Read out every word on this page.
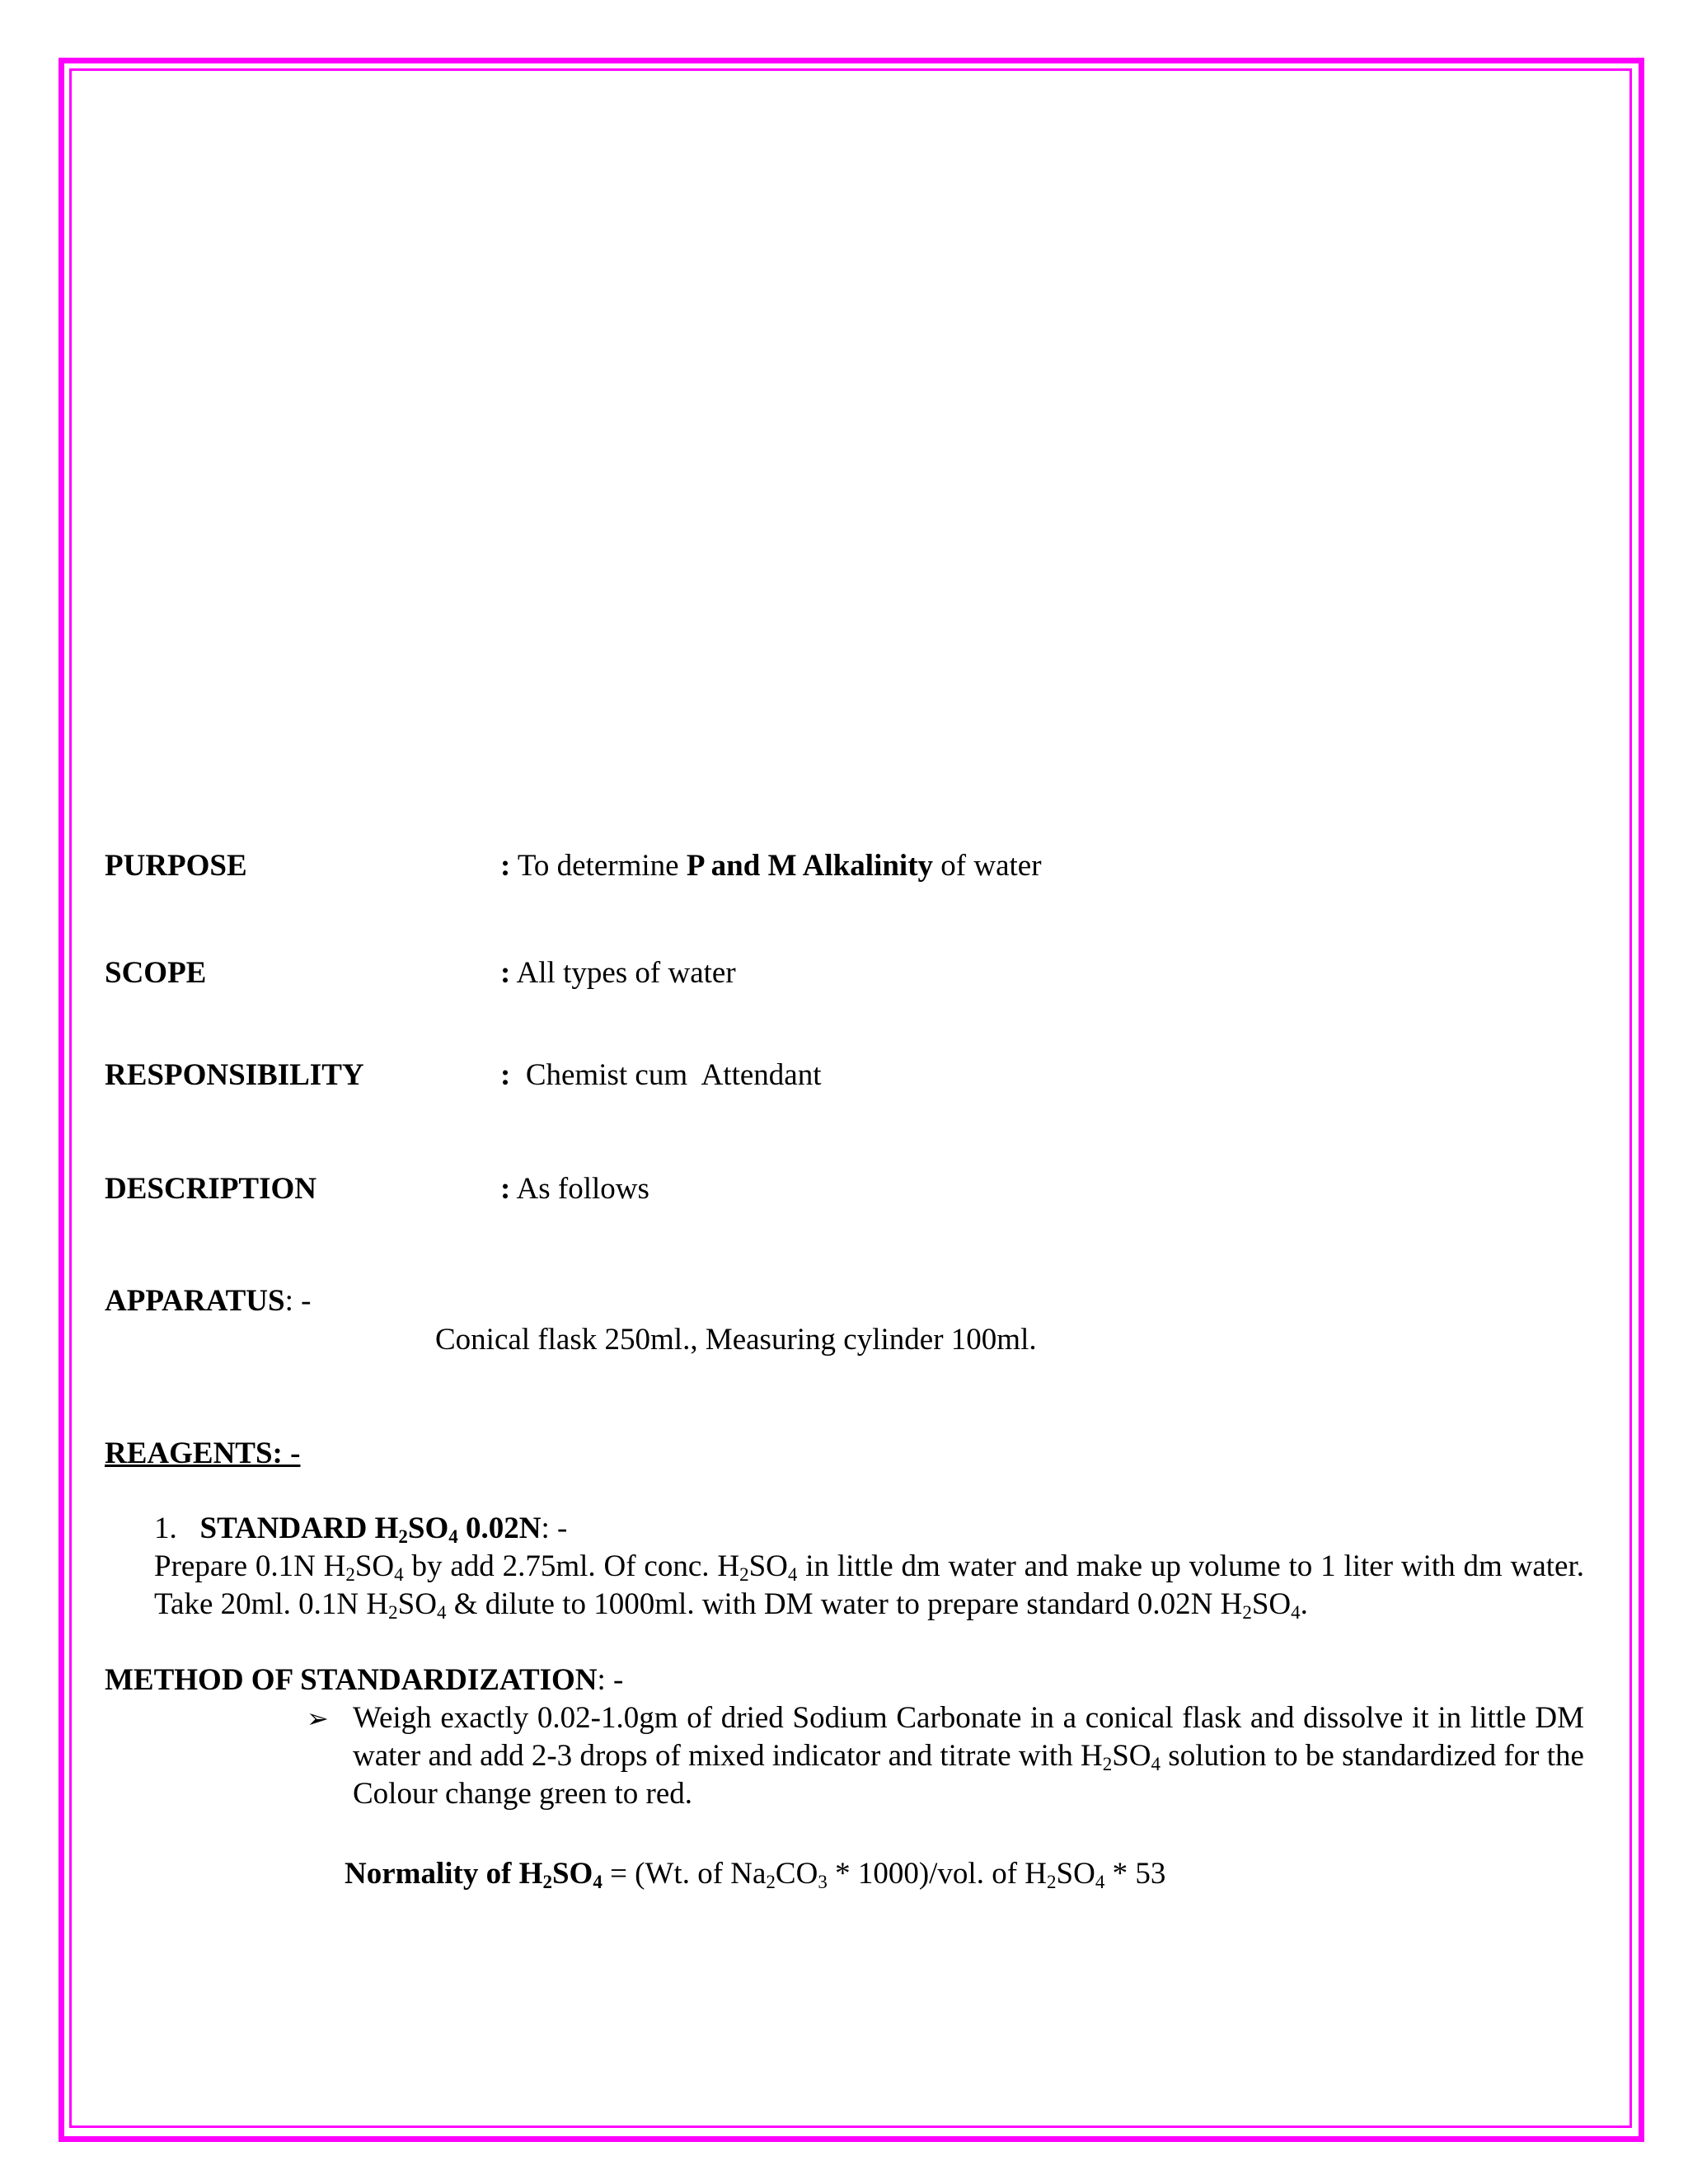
PURPOSE	: To determine P and M Alkalinity of water
SCOPE	: All types of water
RESPONSIBILITY	:  Chemist cum  Attendant
DESCRIPTION	: As follows
APPARATUS: -
Conical flask 250ml., Measuring cylinder 100ml.
REAGENTS: -
1. STANDARD $H_2SO_4$ 0.02N: -
Prepare 0.1N $H_2SO_4$ by add 2.75ml. Of conc. $H_2SO_4$ in little dm water and make up volume to 1 liter with dm water. Take 20ml. 0.1N $H_2SO_4$ & dilute to 1000ml. with DM water to prepare standard 0.02N $H_2SO_4$.
METHOD OF STANDARDIZATION: -
➢ Weigh exactly 0.02-1.0gm of dried Sodium Carbonate in a conical flask and dissolve it in little DM water and add 2-3 drops of mixed indicator and titrate with $H_2SO_4$ solution to be standardized for the Colour change green to red.
Normality of $H_2SO_4 = (Wt$. of $Na_2CO_3 * 1000)/vol$. of $H_2SO_4 * 53$
